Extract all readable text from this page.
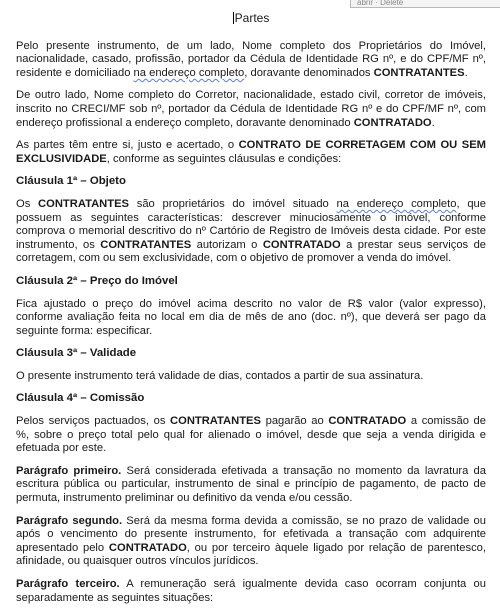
abrir · Delete
Partes

Pelo presente instrumento, de um lado, Nome completo dos Proprietários do Imóvel, nacionalidade, casado, profissão, portador da Cédula de Identidade RG nº, e do CPF/MF nº, residente e domiciliado na endereço completo, doravante denominados CONTRATANTES.

De outro lado, Nome completo do Corretor, nacionalidade, estado civil, corretor de imóveis, inscrito no CRECI/MF sob nº, portador da Cédula de Identidade RG nº e do CPF/MF nº, com endereço profissional a endereço completo, doravante denominado CONTRATADO.

As partes têm entre si, justo e acertado, o CONTRATO DE CORRETAGEM COM OU SEM EXCLUSIVIDADE, conforme as seguintes cláusulas e condições:

Cláusula 1ª – Objeto

Os CONTRATANTES são proprietários do imóvel situado na endereço completo, que possuem as seguintes características: descrever minuciosamente o imóvel, conforme comprova o memorial descritivo do nº Cartório de Registro de Imóveis desta cidade. Por este instrumento, os CONTRATANTES autorizam o CONTRATADO a prestar seus serviços de corretagem, com ou sem exclusividade, com o objetivo de promover a venda do imóvel.

Cláusula 2ª – Preço do Imóvel

Fica ajustado o preço do imóvel acima descrito no valor de R$ valor (valor expresso), conforme avaliação feita no local em dia de mês de ano (doc. nº), que deverá ser pago da seguinte forma: especificar.

Cláusula 3ª – Validade

O presente instrumento terá validade de dias, contados a partir de sua assinatura.

Cláusula 4ª – Comissão

Pelos serviços pactuados, os CONTRATANTES pagarão ao CONTRATADO a comissão de %, sobre o preço total pelo qual for alienado o imóvel, desde que seja a venda dirigida e efetuada por este.

Parágrafo primeiro. Será considerada efetivada a transação no momento da lavratura da escritura pública ou particular, instrumento de sinal e princípio de pagamento, de pacto de permuta, instrumento preliminar ou definitivo da venda e/ou cessão.

Parágrafo segundo. Será da mesma forma devida a comissão, se no prazo de validade ou após o vencimento do presente instrumento, for efetivada a transação com adquirente apresentado pelo CONTRATADO, ou por terceiro àquele ligado por relação de parentesco, afinidade, ou quaisquer outros vínculos jurídicos.

Parágrafo terceiro. A remuneração será igualmente devida caso ocorram conjunta ou separadamente as seguintes situações:
